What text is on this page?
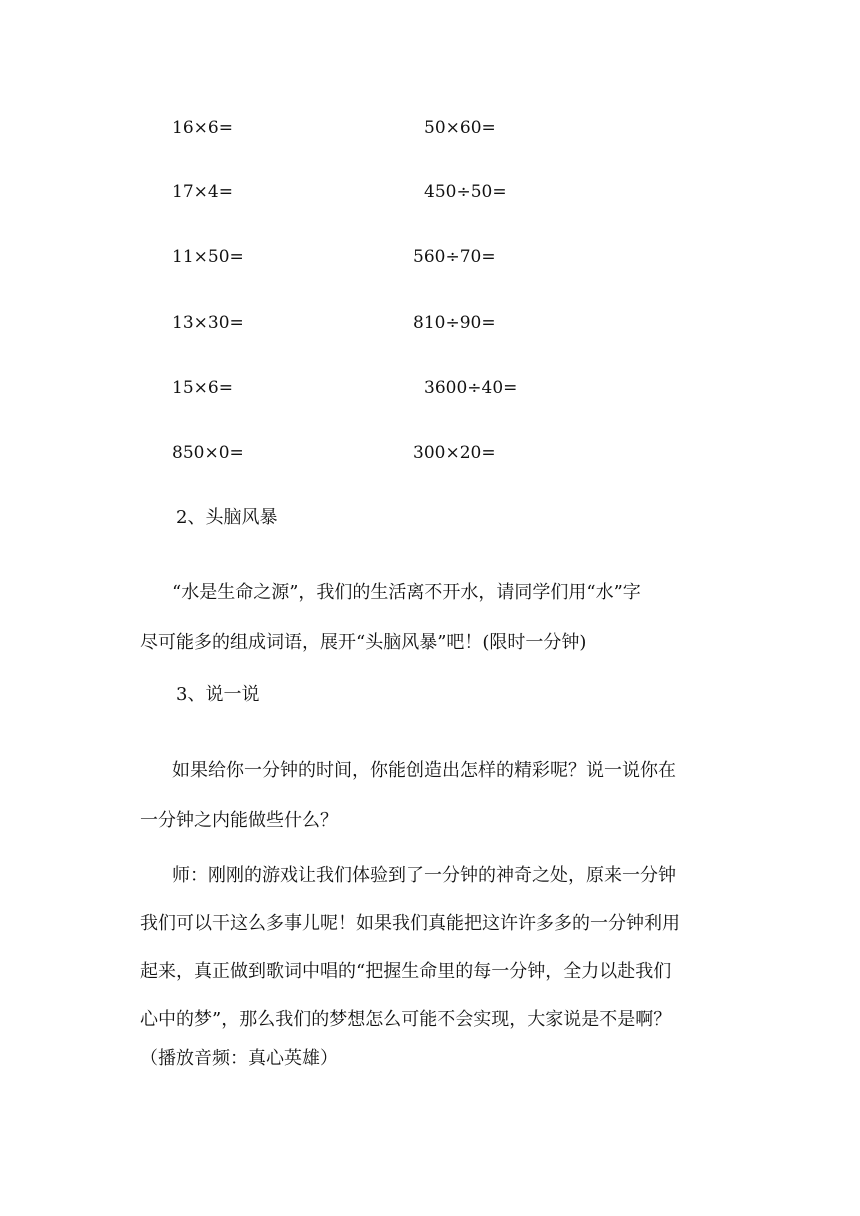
16×6=	50×60=
17×4=	450÷50=
11×50=	560÷70=
13×30=	810÷90=
15×6=	3600÷40=
850×0=	300×20=
2、头脑风暴
“水是生命之源”，我们的生活离不开水，请同学们用“水”字
尽可能多的组成词语，展开“头脑风暴”吧！(限时一分钟)
3、说一说
如果给你一分钟的时间，你能创造出怎样的精彩呢？说一说你在
一分钟之内能做些什么？
师：刚刚的游戏让我们体验到了一分钟的神奇之处，原来一分钟
我们可以干这么多事儿呢！如果我们真能把这许许多多的一分钟利用
起来，真正做到歌词中唱的“把握生命里的每一分钟，全力以赴我们
心中的梦”，那么我们的梦想怎么可能不会实现，大家说是不是啊？
（播放音频：真心英雄）
